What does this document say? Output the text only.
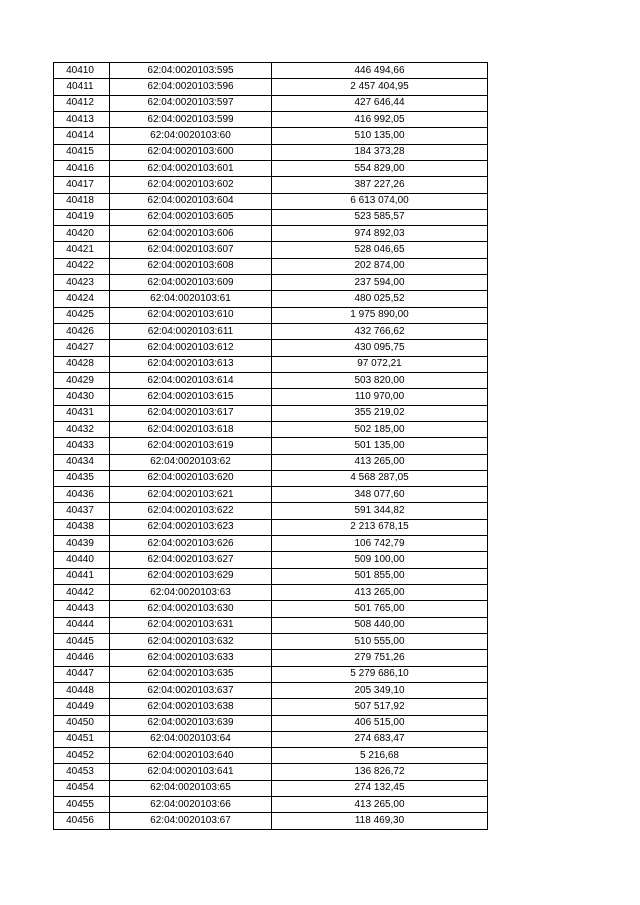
40410	62:04:0020103:595	446 494,66
40411	62:04:0020103:596	2 457 404,95
40412	62:04:0020103:597	427 646,44
40413	62:04:0020103:599	416 992,05
40414	62:04:0020103:60	510 135,00
40415	62:04:0020103:600	184 373,28
40416	62:04:0020103:601	554 829,00
40417	62:04:0020103:602	387 227,26
40418	62:04:0020103:604	6 613 074,00
40419	62:04:0020103:605	523 585,57
40420	62:04:0020103:606	974 892,03
40421	62:04:0020103:607	528 046,65
40422	62:04:0020103:608	202 874,00
40423	62:04:0020103:609	237 594,00
40424	62:04:0020103:61	480 025,52
40425	62:04:0020103:610	1 975 890,00
40426	62:04:0020103:611	432 766,62
40427	62:04:0020103:612	430 095,75
40428	62:04:0020103:613	97 072,21
40429	62:04:0020103:614	503 820,00
40430	62:04:0020103:615	110 970,00
40431	62:04:0020103:617	355 219,02
40432	62:04:0020103:618	502 185,00
40433	62:04:0020103:619	501 135,00
40434	62:04:0020103:62	413 265,00
40435	62:04:0020103:620	4 568 287,05
40436	62:04:0020103:621	348 077,60
40437	62:04:0020103:622	591 344,82
40438	62:04:0020103:623	2 213 678,15
40439	62:04:0020103:626	106 742,79
40440	62:04:0020103:627	509 100,00
40441	62:04:0020103:629	501 855,00
40442	62:04:0020103:63	413 265,00
40443	62:04:0020103:630	501 765,00
40444	62:04:0020103:631	508 440,00
40445	62:04:0020103:632	510 555,00
40446	62:04:0020103:633	279 751,26
40447	62:04:0020103:635	5 279 686,10
40448	62:04:0020103:637	205 349,10
40449	62:04:0020103:638	507 517,92
40450	62:04:0020103:639	406 515,00
40451	62:04:0020103:64	274 683,47
40452	62:04:0020103:640	5 216,68
40453	62:04:0020103:641	136 826,72
40454	62:04:0020103:65	274 132,45
40455	62:04:0020103:66	413 265,00
40456	62:04:0020103:67	118 469,30
